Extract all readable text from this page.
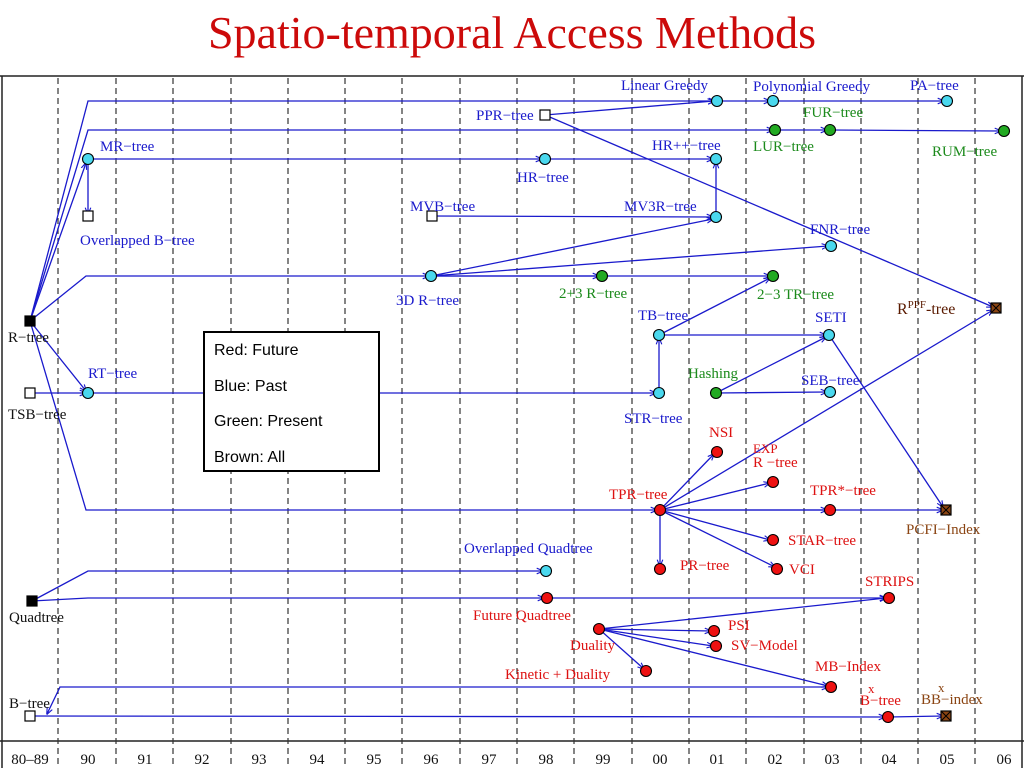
Spatio-temporal Access Methods
R−tree
TSB−tree
Quadtree
B−tree
MR−tree
Overlapped B−tree
PPR−tree
MVB−tree
Linear Greedy	Polynomial Greedy	PA−tree
FUR−tree
LUR−tree	RUM−tree
HR++−tree
HR−tree
MV3R−tree
FNR−tree
3D R−tree	2+3 R−tree	2−3 TR−tree
$R^{PPF}$-tree
TB−tree	SETI
RT−tree	Hashing	SEB−tree
STR−tree
NSI
EXP
R −tree
TPR−tree	TPR*−tree
PCFI−Index
STAR−tree
PR−tree	VCI
Overlapped Quadtree
STRIPS
Future Quadtree
PSI
Duality	SV−Model
Kinetic + Duality	MB−Index
B−tree
x
BB−index
x
80–89 90	91	92	93	94	95	96	97	98	99	00	01	02	03	04	05	06
Red: Future
Blue: Past
Green: Present
Brown: All
